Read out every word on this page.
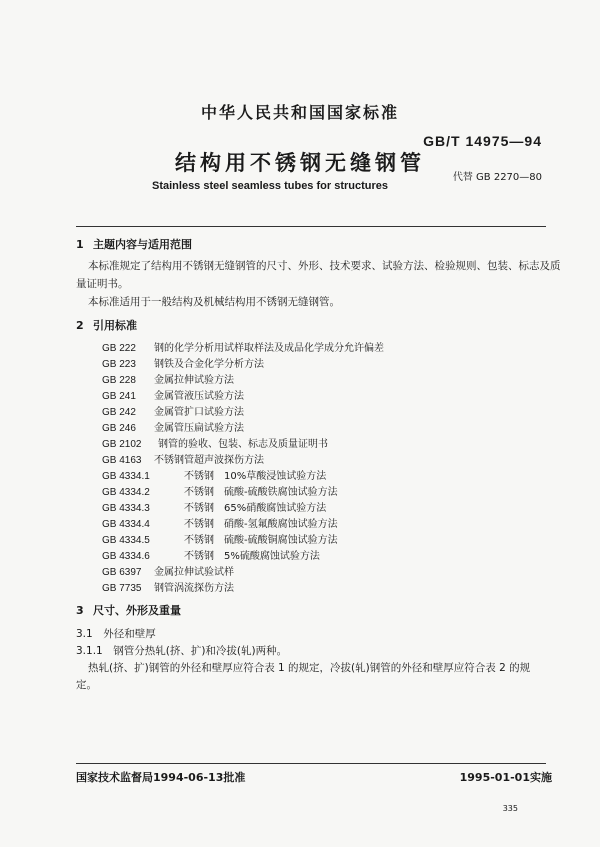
中华人民共和国国家标准
GB/T 14975—94
结构用不锈钢无缝钢管
代替 GB 2270—80
Stainless steel seamless tubes for structures
1 主题内容与适用范围
本标准规定了结构用不锈钢无缝钢管的尺寸、外形、技术要求、试验方法、检验规则、包装、标志及质
量证明书。
本标准适用于一般结构及机械结构用不锈钢无缝钢管。
2 引用标准
GB 222 钢的化学分析用试样取样法及成品化学成分允许偏差
GB 223 钢铁及合金化学分析方法
GB 228 金属拉伸试验方法
GB 241 金属管液压试验方法
GB 242 金属管扩口试验方法
GB 246 金属管压扁试验方法
GB 2102 钢管的验收、包装、标志及质量证明书
GB 4163 不锈钢管超声波探伤方法
GB 4334.1	不锈钢　10%草酸浸蚀试验方法
GB 4334.2	不锈钢　硫酸-硫酸铁腐蚀试验方法
GB 4334.3	不锈钢　65%硝酸腐蚀试验方法
GB 4334.4	不锈钢　硝酸-氢氟酸腐蚀试验方法
GB 4334.5	不锈钢　硫酸-硫酸铜腐蚀试验方法
GB 4334.6	不锈钢　5%硫酸腐蚀试验方法
GB 6397 金属拉伸试验试样
GB 7735 钢管涡流探伤方法
3 尺寸、外形及重量
3.1　外径和壁厚
3.1.1　钢管分热轧(挤、扩)和冷拔(轧)两种。
热轧(挤、扩)钢管的外径和壁厚应符合表 1 的规定，冷拔(轧)钢管的外径和壁厚应符合表 2 的规
定。
国家技术监督局1994-06-13批准	1995-01-01实施
335
